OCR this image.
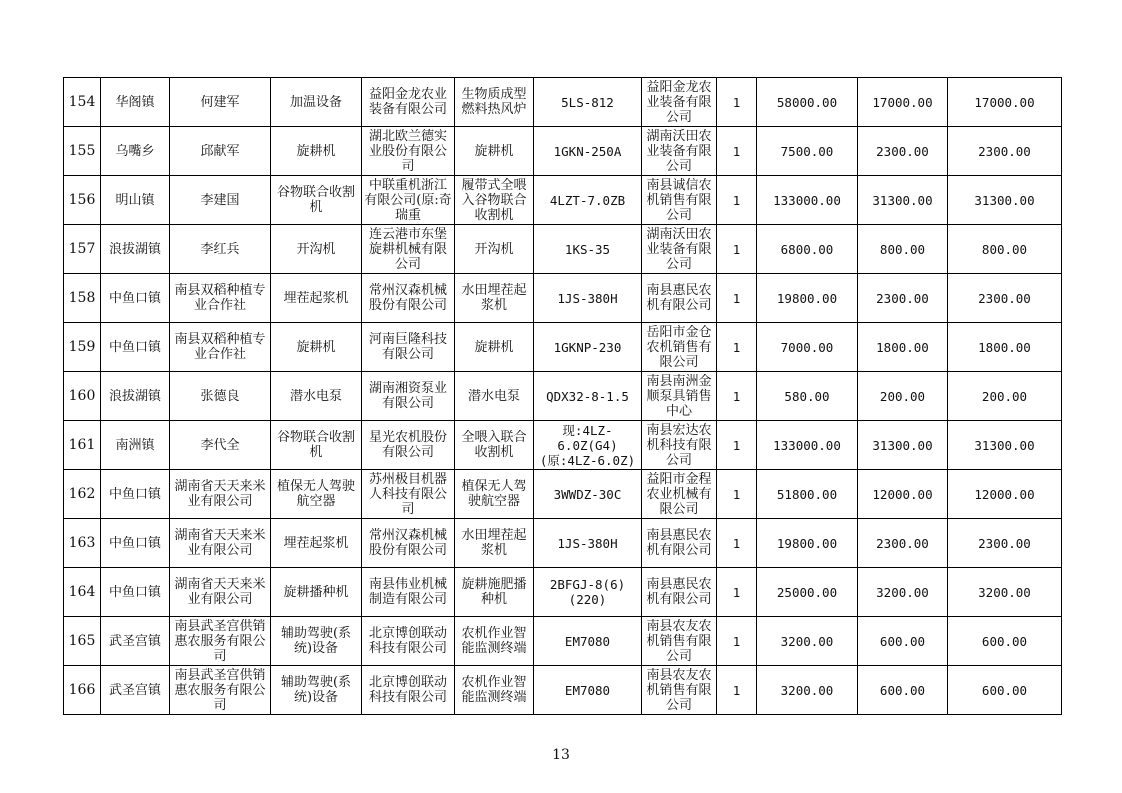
154	华阁镇	何建军	加温设备	益阳金龙农业装备有限公司	生物质成型燃料热风炉	5LS-812	益阳金龙农业装备有限公司	1	58000.00	17000.00	17000.00

155	乌嘴乡	邱献军	旋耕机	湖北欧兰德实业股份有限公司	旋耕机	1GKN-250A	湖南沃田农业装备有限公司	1	7500.00	2300.00	2300.00

156	明山镇	李建国	谷物联合收割机	中联重机浙江有限公司(原:奇瑞重	履带式全喂入谷物联合收割机	4LZT-7.0ZB	南县诚信农机销售有限公司	1	133000.00	31300.00	31300.00

157	浪拔湖镇	李红兵	开沟机	连云港市东堡旋耕机械有限公司	开沟机	1KS-35	湖南沃田农业装备有限公司	1	6800.00	800.00	800.00

158	中鱼口镇	南县双稻种植专业合作社	埋茬起浆机	常州汉森机械股份有限公司	水田埋茬起浆机	1JS-380H	南县惠民农机有限公司	1	19800.00	2300.00	2300.00

159	中鱼口镇	南县双稻种植专业合作社	旋耕机	河南巨隆科技有限公司	旋耕机	1GKNP-230	岳阳市金仓农机销售有限公司	1	7000.00	1800.00	1800.00

160	浪拔湖镇	张德良	潜水电泵	湖南湘资泵业有限公司	潜水电泵	QDX32-8-1.5	南县南洲金顺泵具销售中心	1	580.00	200.00	200.00

161	南洲镇	李代全	谷物联合收割机	星光农机股份有限公司	全喂入联合收割机	现:4LZ-6.0Z(G4)(原:4LZ-6.0Z)	南县宏达农机科技有限公司	1	133000.00	31300.00	31300.00

162	中鱼口镇	湖南省天天来米业有限公司	植保无人驾驶航空器	苏州极目机器人科技有限公司	植保无人驾驶航空器	3WWDZ-30C	益阳市金程农业机械有限公司	1	51800.00	12000.00	12000.00

163	中鱼口镇	湖南省天天来米业有限公司	埋茬起浆机	常州汉森机械股份有限公司	水田埋茬起浆机	1JS-380H	南县惠民农机有限公司	1	19800.00	2300.00	2300.00

164	中鱼口镇	湖南省天天来米业有限公司	旋耕播种机	南县伟业机械制造有限公司	旋耕施肥播种机	2BFGJ-8(6)(220)	南县惠民农机有限公司	1	25000.00	3200.00	3200.00

165	武圣宫镇	南县武圣宫供销惠农服务有限公司	辅助驾驶(系统)设备	北京博创联动科技有限公司	农机作业智能监测终端	EM7080	南县农友农机销售有限公司	1	3200.00	600.00	600.00

166	武圣宫镇	南县武圣宫供销惠农服务有限公司	辅助驾驶(系统)设备	北京博创联动科技有限公司	农机作业智能监测终端	EM7080	南县农友农机销售有限公司	1	3200.00	600.00	600.00
13
